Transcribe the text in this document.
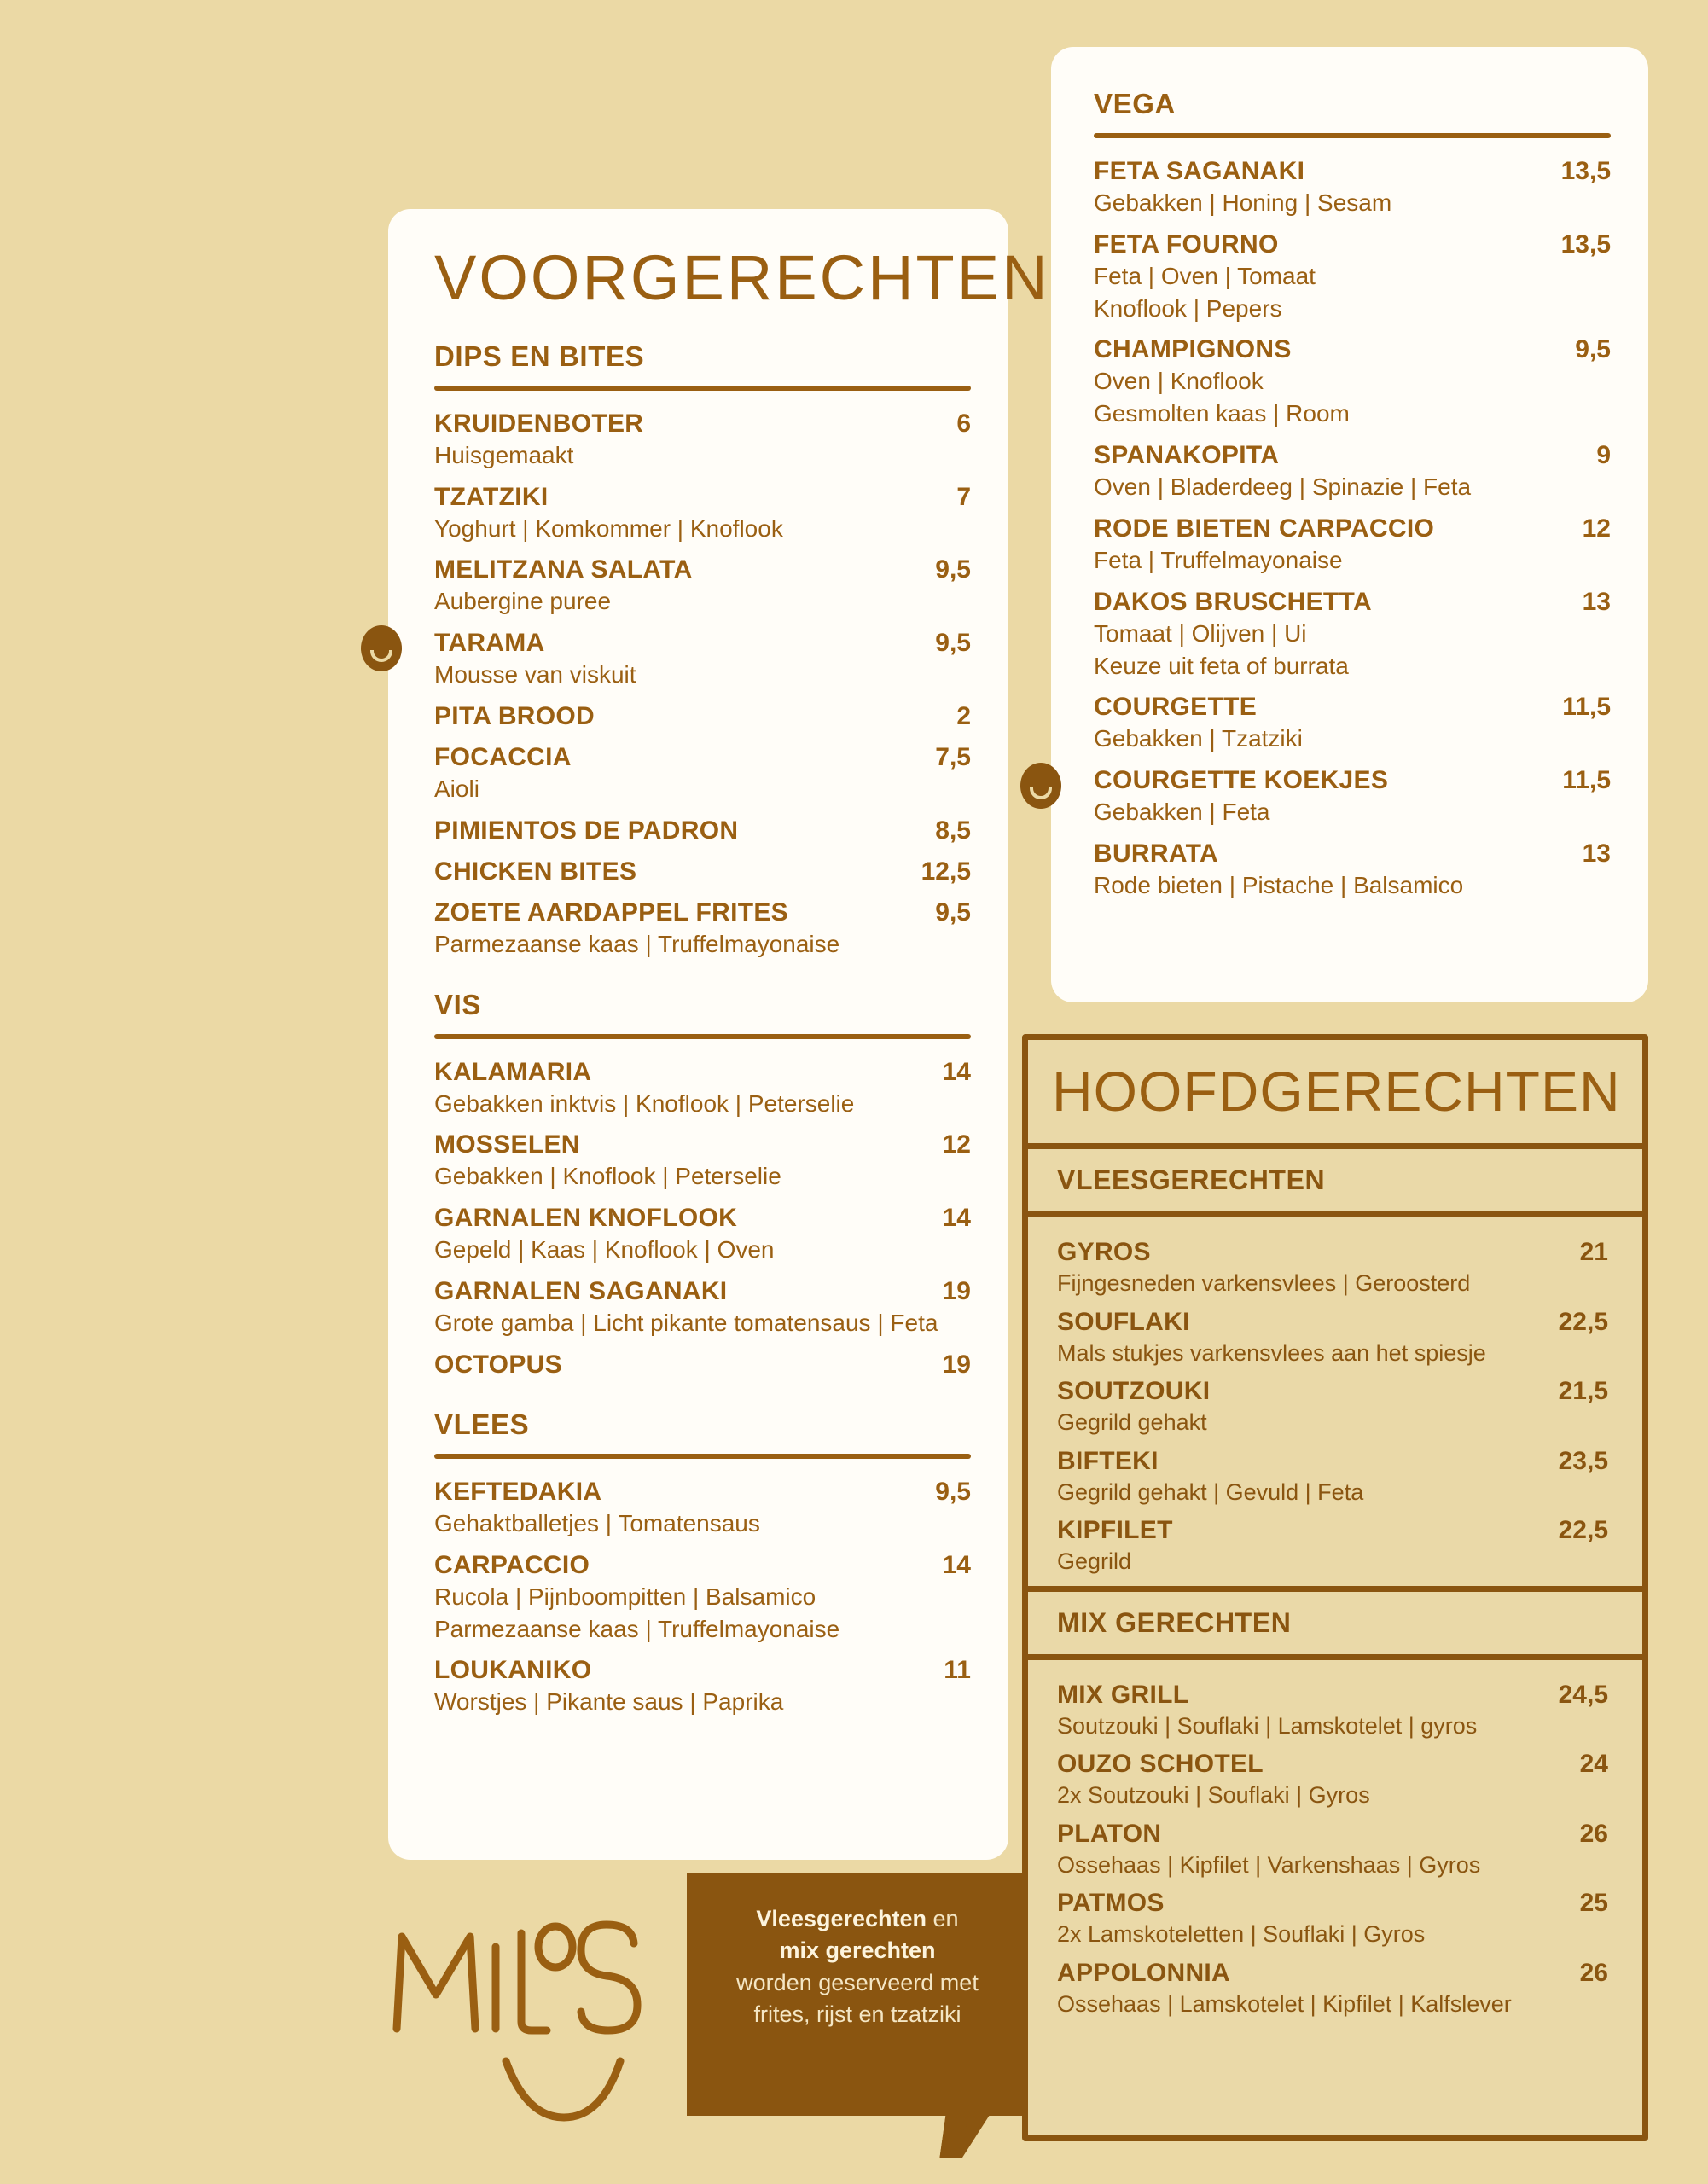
VOORGERECHTEN
DIPS EN BITES
KRUIDENBOTER	6
Huisgemaakt
TZATZIKI	7
Yoghurt | Komkommer | Knoflook
MELITZANA SALATA	9,5
Aubergine puree
TARAMA	9,5
Mousse van viskuit
PITA BROOD	2
FOCACCIA	7,5
Aioli
PIMIENTOS DE PADRON	8,5
CHICKEN BITES	12,5
ZOETE AARDAPPEL FRITES	9,5
Parmezaanse kaas | Truffelmayonaise
VIS
KALAMARIA	14
Gebakken inktvis | Knoflook | Peterselie
MOSSELEN	12
Gebakken | Knoflook | Peterselie
GARNALEN KNOFLOOK	14
Gepeld | Kaas | Knoflook | Oven
GARNALEN SAGANAKI	19
Grote gamba | Licht pikante tomatensaus | Feta
OCTOPUS	19
VLEES
KEFTEDAKIA	9,5
Gehaktballetjes | Tomatensaus
CARPACCIO	14
Rucola | Pijnboompitten | Balsamico
Parmezaanse kaas | Truffelmayonaise
LOUKANIKO	11
Worstjes | Pikante saus | Paprika
VEGA
FETA SAGANAKI	13,5
Gebakken | Honing | Sesam
FETA FOURNO	13,5
Feta | Oven | Tomaat
Knoflook | Pepers
CHAMPIGNONS	9,5
Oven | Knoflook
Gesmolten kaas | Room
SPANAKOPITA	9
Oven | Bladerdeeg | Spinazie | Feta
RODE BIETEN CARPACCIO	12
Feta | Truffelmayonaise
DAKOS BRUSCHETTA	13
Tomaat | Olijven | Ui
Keuze uit feta of burrata
COURGETTE	11,5
Gebakken | Tzatziki
COURGETTE KOEKJES	11,5
Gebakken | Feta
BURRATA	13
Rode bieten | Pistache | Balsamico
HOOFDGERECHTEN
VLEESGERECHTEN
GYROS	21
Fijngesneden varkensvlees | Geroosterd
SOUFLAKI	22,5
Mals stukjes varkensvlees aan het spiesje
SOUTZOUKI	21,5
Gegrild gehakt
BIFTEKI	23,5
Gegrild gehakt | Gevuld | Feta
KIPFILET	22,5
Gegrild
MIX GERECHTEN
MIX GRILL	24,5
Soutzouki | Souflaki | Lamskotelet | gyros
OUZO SCHOTEL	24
2x Soutzouki | Souflaki | Gyros
PLATON	26
Ossehaas | Kipfilet | Varkenshaas | Gyros
PATMOS	25
2x Lamskoteletten | Souflaki | Gyros
APPOLONNIA	26
Ossehaas | Lamskotelet | Kipfilet | Kalfslever
Vleesgerechten en
mix gerechten
worden geserveerd met
frites, rijst en tzatziki
